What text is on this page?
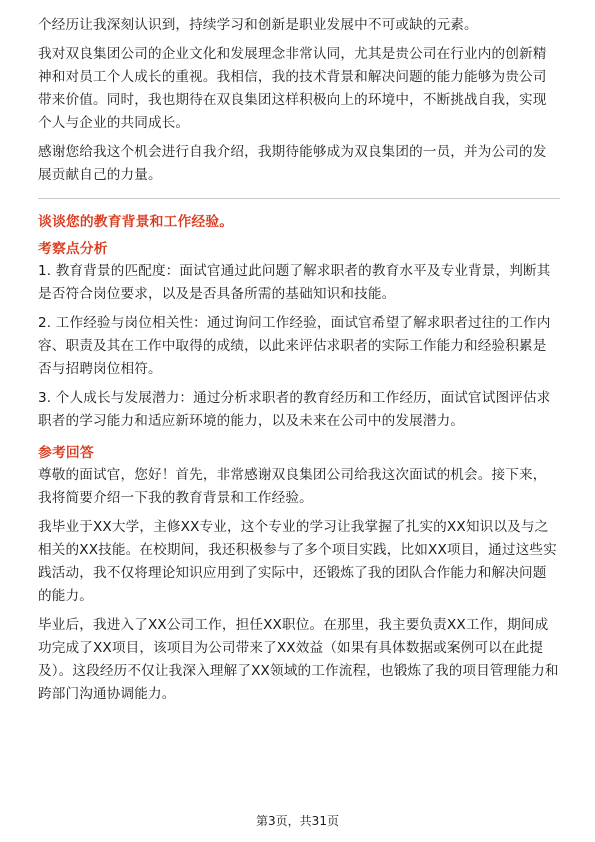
个经历让我深刻认识到，持续学习和创新是职业发展中不可或缺的元素。

我对双良集团公司的企业文化和发展理念非常认同，尤其是贵公司在行业内的创新精神和对员工个人成长的重视。我相信，我的技术背景和解决问题的能力能够为贵公司带来价值。同时，我也期待在双良集团这样积极向上的环境中，不断挑战自我，实现个人与企业的共同成长。

感谢您给我这个机会进行自我介绍，我期待能够成为双良集团的一员，并为公司的发展贡献自己的力量。

谈谈您的教育背景和工作经验。

考察点分析

1. 教育背景的匹配度：面试官通过此问题了解求职者的教育水平及专业背景，判断其是否符合岗位要求，以及是否具备所需的基础知识和技能。

2. 工作经验与岗位相关性：通过询问工作经验，面试官希望了解求职者过往的工作内容、职责及其在工作中取得的成绩，以此来评估求职者的实际工作能力和经验积累是否与招聘岗位相符。

3. 个人成长与发展潜力：通过分析求职者的教育经历和工作经历，面试官试图评估求职者的学习能力和适应新环境的能力，以及未来在公司中的发展潜力。

参考回答

尊敬的面试官，您好！首先，非常感谢双良集团公司给我这次面试的机会。接下来，我将简要介绍一下我的教育背景和工作经验。

我毕业于XX大学，主修XX专业，这个专业的学习让我掌握了扎实的XX知识以及与之相关的XX技能。在校期间，我还积极参与了多个项目实践，比如XX项目，通过这些实践活动，我不仅将理论知识应用到了实际中，还锻炼了我的团队合作能力和解决问题的能力。

毕业后，我进入了XX公司工作，担任XX职位。在那里，我主要负责XX工作，期间成功完成了XX项目，该项目为公司带来了XX效益（如果有具体数据或案例可以在此提及）。这段经历不仅让我深入理解了XX领域的工作流程，也锻炼了我的项目管理能力和跨部门沟通协调能力。

第3页，共31页
